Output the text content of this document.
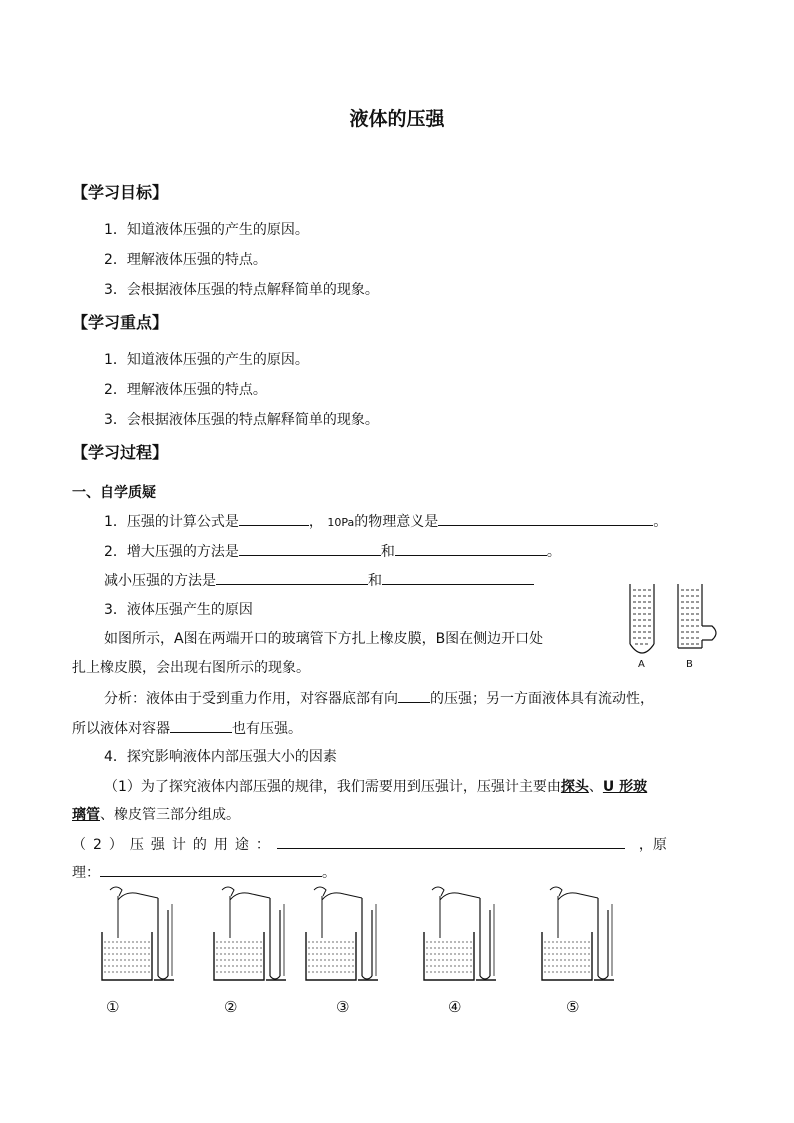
液体的压强
【学习目标】
1．知道液体压强的产生的原因。
2．理解液体压强的特点。
3．会根据液体压强的特点解释简单的现象。
【学习重点】
1．知道液体压强的产生的原因。
2．理解液体压强的特点。
3．会根据液体压强的特点解释简单的现象。
【学习过程】
一、自学质疑
1．压强的计算公式是	， 10Pa的物理意义是	。
2．增大压强的方法是	和	。
减小压强的方法是	和
3．液体压强产生的原因
如图所示，A图在两端开口的玻璃管下方扎上橡皮膜，B图在侧边开口处
扎上橡皮膜，会出现右图所示的现象。
分析：液体由于受到重力作用，对容器底部有向 的压强；另一方面液体具有流动性，
所以液体对容器	也有压强。
A	B
4．探究影响液体内部压强大小的因素
（1）为了探究液体内部压强的规律，我们需要用到压强计，压强计主要由探头、U 形玻
璃管、橡皮管三部分组成。
（2）压强计的用途：	，原
理：	。
①	②	③	④	⑤
